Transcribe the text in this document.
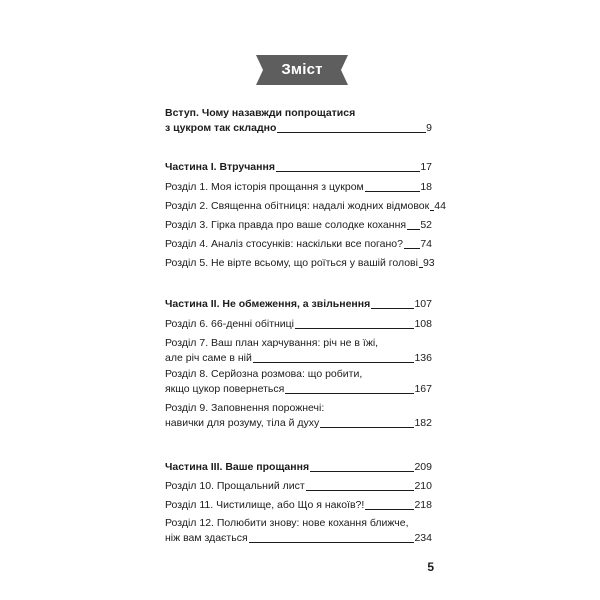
Зміст
Вступ. Чому назавжди попрощатися
з цукром так складно	9
Частина I. Втручання	17
Розділ 1. Моя історія прощання з цукром	18
Розділ 2. Священна обітниця: надалі жодних відмовок 44
Розділ 3. Гірка правда про ваше солодке кохання 52
Розділ 4. Аналіз стосунків: наскільки все погано? 74
Розділ 5. Не вірте всьому, що роїться у вашій голові 93
Частина II. Не обмеження, а звільнення	107
Розділ 6. 66-денні обітниці	108
Розділ 7. Ваш план харчування: річ не в їжі,
але річ саме в ній	136
Розділ 8. Серйозна розмова: що робити,
якщо цукор повернеться	167
Розділ 9. Заповнення порожнечі:
навички для розуму, тіла й духу	182
Частина III. Ваше прощання	209
Розділ 10. Прощальний лист	210
Розділ 11. Чистилище, або Що я накоїв?!	218
Розділ 12. Полюбити знову: нове кохання ближче,
ніж вам здається	234
5
